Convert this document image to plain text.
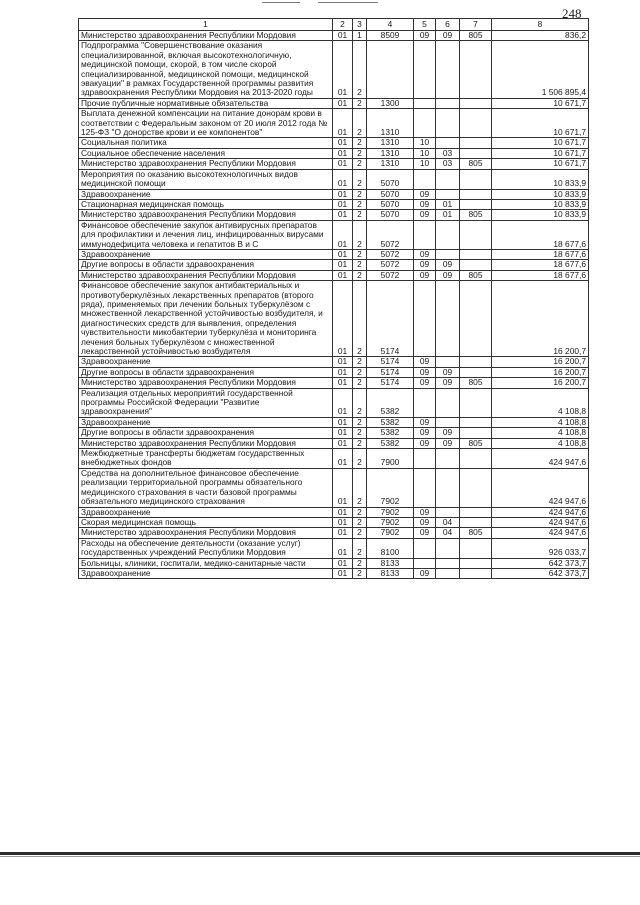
248
1	2	3	4	5	6	7	8
Министерство здравоохранения Республики Мордовия	01	1	8509	09	09	805	836,2
Подпрограмма "Совершенствование оказания специализированной, включая высокотехнологичную, медицинской помощи, скорой, в том числе скорой специализированной, медицинской помощи, медицинской эвакуации" в рамках Государственной программы развития здравоохранения Республики Мордовия на 2013-2020 годы	01	2					1 506 895,4
Прочие публичные нормативные обязательства	01	2	1300				10 671,7
Выплата денежной компенсации на питание донорам крови в соответствии с Федеральным законом от 20 июля 2012 года № 125-ФЗ "О донорстве крови и ее компонентов"	01	2	1310				10 671,7
Социальная политика	01	2	1310	10			10 671,7
Социальное обеспечение населения	01	2	1310	10	03		10 671,7
Министерство здравоохранения Республики Мордовия	01	2	1310	10	03	805	10 671,7
Мероприятия по оказанию высокотехнологичных видов медицинской помощи	01	2	5070				10 833,9
Здравоохранение	01	2	5070	09			10 833,9
Стационарная медицинская помощь	01	2	5070	09	01		10 833,9
Министерство здравоохранения Республики Мордовия	01	2	5070	09	01	805	10 833,9
Финансовое обеспечение закупок антивирусных препаратов для профилактики и лечения лиц, инфицированных вирусами иммунодефицита человека и гепатитов В и С	01	2	5072				18 677,6
Здравоохранение	01	2	5072	09			18 677,6
Другие вопросы в области здравоохранения	01	2	5072	09	09		18 677,6
Министерство здравоохранения Республики Мордовия	01	2	5072	09	09	805	18 677,6
Финансовое обеспечение закупок антибактериальных и противотуберкулёзных лекарственных препаратов (второго ряда), применяемых при лечении больных туберкулёзом с множественной лекарственной устойчивостью возбудителя, и диагностических средств для выявления, определения чувствительности микобактерии туберкулёза и мониторинга лечения больных туберкулёзом с множественной лекарственной устойчивостью возбудителя	01	2	5174				16 200,7
Здравоохранение	01	2	5174	09			16 200,7
Другие вопросы в области здравоохранения	01	2	5174	09	09		16 200,7
Министерство здравоохранения Республики Мордовия	01	2	5174	09	09	805	16 200,7
Реализация отдельных мероприятий государственной программы Российской Федерации "Развитие здравоохранения"	01	2	5382				4 108,8
Здравоохранение	01	2	5382	09			4 108,8
Другие вопросы в области здравоохранения	01	2	5382	09	09		4 108,8
Министерство здравоохранения Республики Мордовия	01	2	5382	09	09	805	4 108,8
Межбюджетные трансферты бюджетам государственных внебюджетных фондов	01	2	7900				424 947,6
Средства на дополнительное финансовое обеспечение реализации территориальной программы обязательного медицинского страхования в части базовой программы обязательного медицинского страхования	01	2	7902				424 947,6
Здравоохранение	01	2	7902	09			424 947,6
Скорая медицинская помощь	01	2	7902	09	04		424 947,6
Министерство здравоохранения Республики Мордовия	01	2	7902	09	04	805	424 947,6
Расходы на обеспечение деятельности (оказание услуг) государственных учреждений Республики Мордовия	01	2	8100				926 033,7
Больницы, клиники, госпитали, медико-санитарные части	01	2	8133				642 373,7
Здравоохранение	01	2	8133	09			642 373,7
